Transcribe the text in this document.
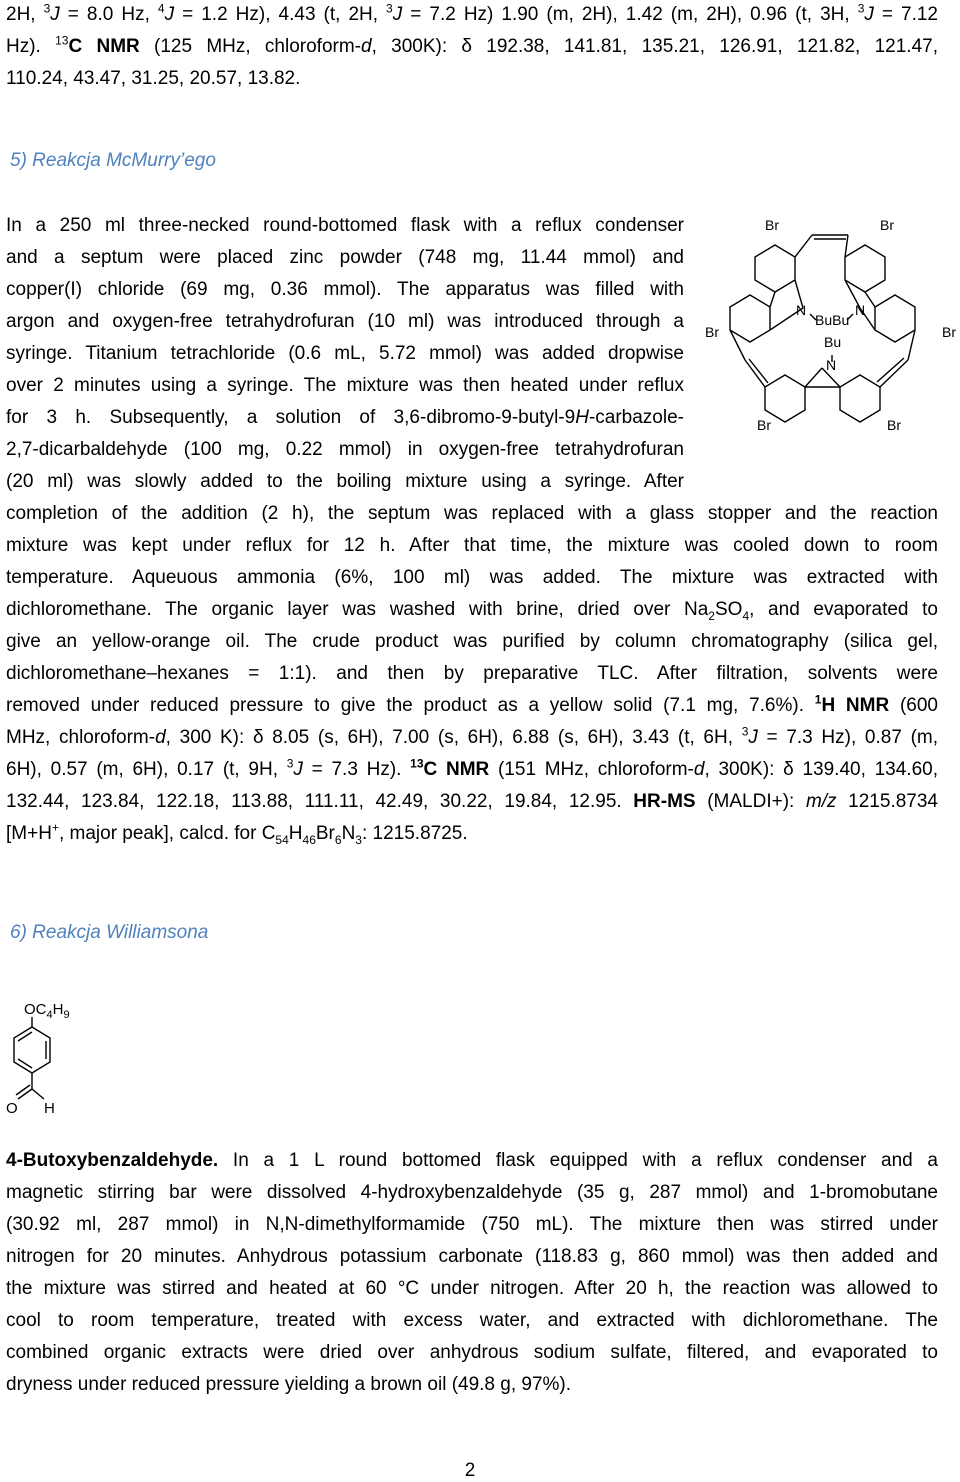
2H, $^3$J = 8.0 Hz, $^4$J = 1.2 Hz), 4.43 (t, 2H, $^3$J = 7.2 Hz) 1.90 (m, 2H), 1.42 (m, 2H), 0.96 (t, 3H, $^3$J = 7.12
Hz). $^{13}$C NMR (125 MHz, chloroform-d, 300K): δ 192.38, 141.81, 135.21, 126.91, 121.82, 121.47,
110.24, 43.47, 31.25, 20.57, 13.82.
5) Reakcja McMurry’ego
In a 250 ml three-necked round-bottomed flask with a reflux condenser
and a septum were placed zinc powder (748 mg, 11.44 mmol) and
copper(I) chloride (69 mg, 0.36 mmol). The apparatus was filled with
argon and oxygen-free tetrahydrofuran (10 ml) was introduced through a
syringe. Titanium tetrachloride (0.6 mL, 5.72 mmol) was added dropwise
over 2 minutes using a syringe. The mixture was then heated under reflux
for 3 h. Subsequently, a solution of 3,6-dibromo-9-butyl-9H-carbazole-
2,7-dicarbaldehyde (100 mg, 0.22 mmol) in oxygen-free tetrahydrofuran
(20 ml) was slowly added to the boiling mixture using a syringe. After
completion of the addition (2 h), the septum was replaced with a glass stopper and the reaction
mixture was kept under reflux for 12 h. After that time, the mixture was cooled down to room
temperature. Aqueuous ammonia (6%, 100 ml) was added. The mixture was extracted with
dichloromethane. The organic layer was washed with brine, dried over $Na_2SO_4$, and evaporated to
give an yellow-orange oil. The crude product was purified by column chromatography (silica gel,
dichloromethane–hexanes = 1:1). and then by preparative TLC. After filtration, solvents were
removed under reduced pressure to give the product as a yellow solid (7.1 mg, 7.6%). $^1$H NMR (600
MHz, chloroform-d, 300 K): δ 8.05 (s, 6H), 7.00 (s, 6H), 6.88 (s, 6H), 3.43 (t, 6H, $^3$J = 7.3 Hz), 0.87 (m,
6H), 0.57 (m, 6H), 0.17 (t, 9H, $^3$J = 7.3 Hz). $^{13}$C NMR (151 MHz, chloroform-d, 300K): δ 139.40, 134.60,
132.44, 123.84, 122.18, 113.88, 111.11, 42.49, 30.22, 19.84, 12.95. HR-MS (MALDI+): m/z 1215.8734
[M+H+, major peak], calcd. for $C_{54}H_{46}Br_6N_3$: 1215.8725.
Br	Br
Br	Br
Br	Br
N	N
N
BuBu
Bu
6) Reakcja Williamsona
$OC_4H_9$
O H
4-Butoxybenzaldehyde. In a 1 L round bottomed flask equipped with a reflux condenser and a
magnetic stirring bar were dissolved 4-hydroxybenzaldehyde (35 g, 287 mmol) and 1-bromobutane
(30.92 ml, 287 mmol) in N,N-dimethylformamide (750 mL). The mixture then was stirred under
nitrogen for 20 minutes. Anhydrous potassium carbonate (118.83 g, 860 mmol) was then added and
the mixture was stirred and heated at 60 °C under nitrogen. After 20 h, the reaction was allowed to
cool to room temperature, treated with excess water, and extracted with dichloromethane. The
combined organic extracts were dried over anhydrous sodium sulfate, filtered, and evaporated to
dryness under reduced pressure yielding a brown oil (49.8 g, 97%).
2
